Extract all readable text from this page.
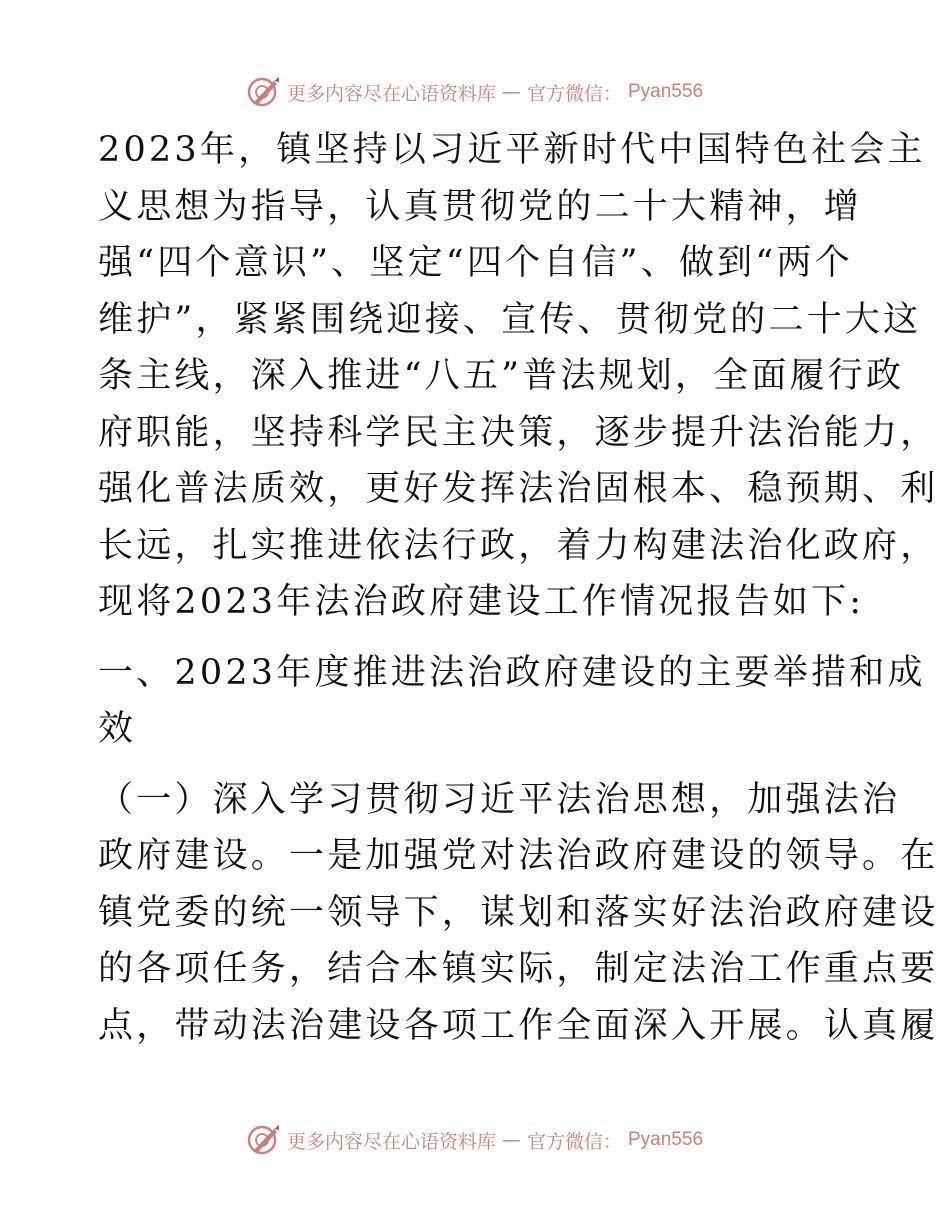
更多内容尽在心语资料库 — 官方微信： Pyan556

2023年，镇坚持以习近平新时代中国特色社会主
义思想为指导，认真贯彻党的二十大精神，增
强“四个意识”、坚定“四个自信”、做到“两个
维护”，紧紧围绕迎接、宣传、贯彻党的二十大这
条主线，深入推进“八五”普法规划，全面履行政
府职能，坚持科学民主决策，逐步提升法治能力，
强化普法质效，更好发挥法治固根本、稳预期、利
长远，扎实推进依法行政，着力构建法治化政府，
现将2023年法治政府建设工作情况报告如下:

一、2023年度推进法治政府建设的主要举措和成
效

（一）深入学习贯彻习近平法治思想，加强法治
政府建设。一是加强党对法治政府建设的领导。在
镇党委的统一领导下，谋划和落实好法治政府建设
的各项任务，结合本镇实际，制定法治工作重点要
点，带动法治建设各项工作全面深入开展。认真履

更多内容尽在心语资料库 — 官方微信： Pyan556
